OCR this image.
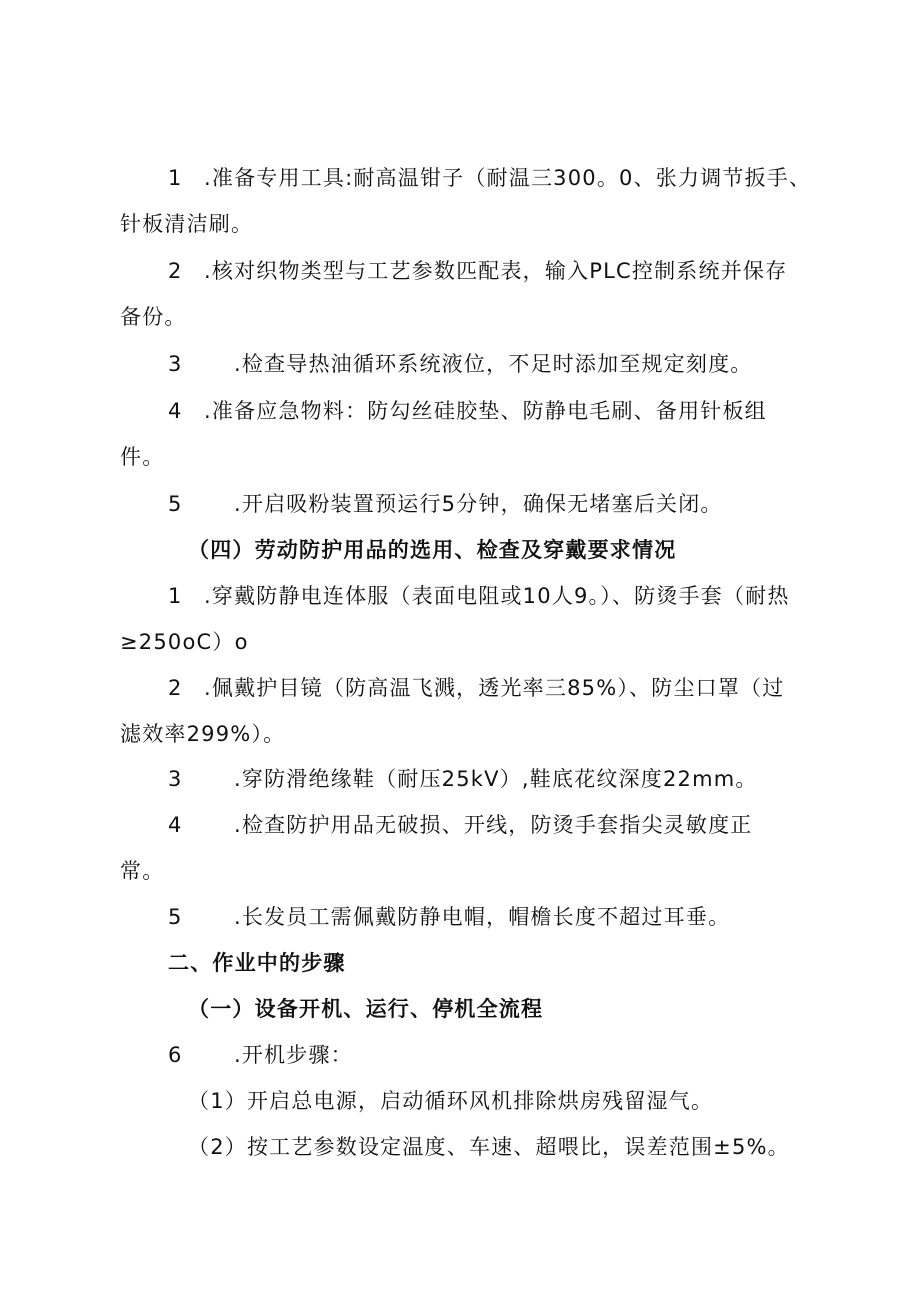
1 .准备专用工具:耐高温钳子（耐温三300。0、张力调节扳手、
针板清洁刷。
2 .核对织物类型与工艺参数匹配表，输入PLC控制系统并保存
备份。
3 .检查导热油循环系统液位，不足时添加至规定刻度。
4 .准备应急物料：防勾丝硅胶垫、防静电毛刷、备用针板组
件。
5 .开启吸粉装置预运行5分钟，确保无堵塞后关闭。
（四）劳动防护用品的选用、检查及穿戴要求情况
1 .穿戴防静电连体服（表面电阻或10人9。）、防烫手套（耐热
≥250oC）o
2 .佩戴护目镜（防高温飞溅，透光率三85%）、防尘口罩（过
滤效率299%）。
3 .穿防滑绝缘鞋（耐压25kV）,鞋底花纹深度22mm。
4 .检查防护用品无破损、开线，防烫手套指尖灵敏度正
常。
5 .长发员工需佩戴防静电帽，帽檐长度不超过耳垂。
二、作业中的步骤
（一）设备开机、运行、停机全流程
6 .开机步骤：
（1）开启总电源，启动循环风机排除烘房残留湿气。
（2）按工艺参数设定温度、车速、超喂比，误差范围±5%。
